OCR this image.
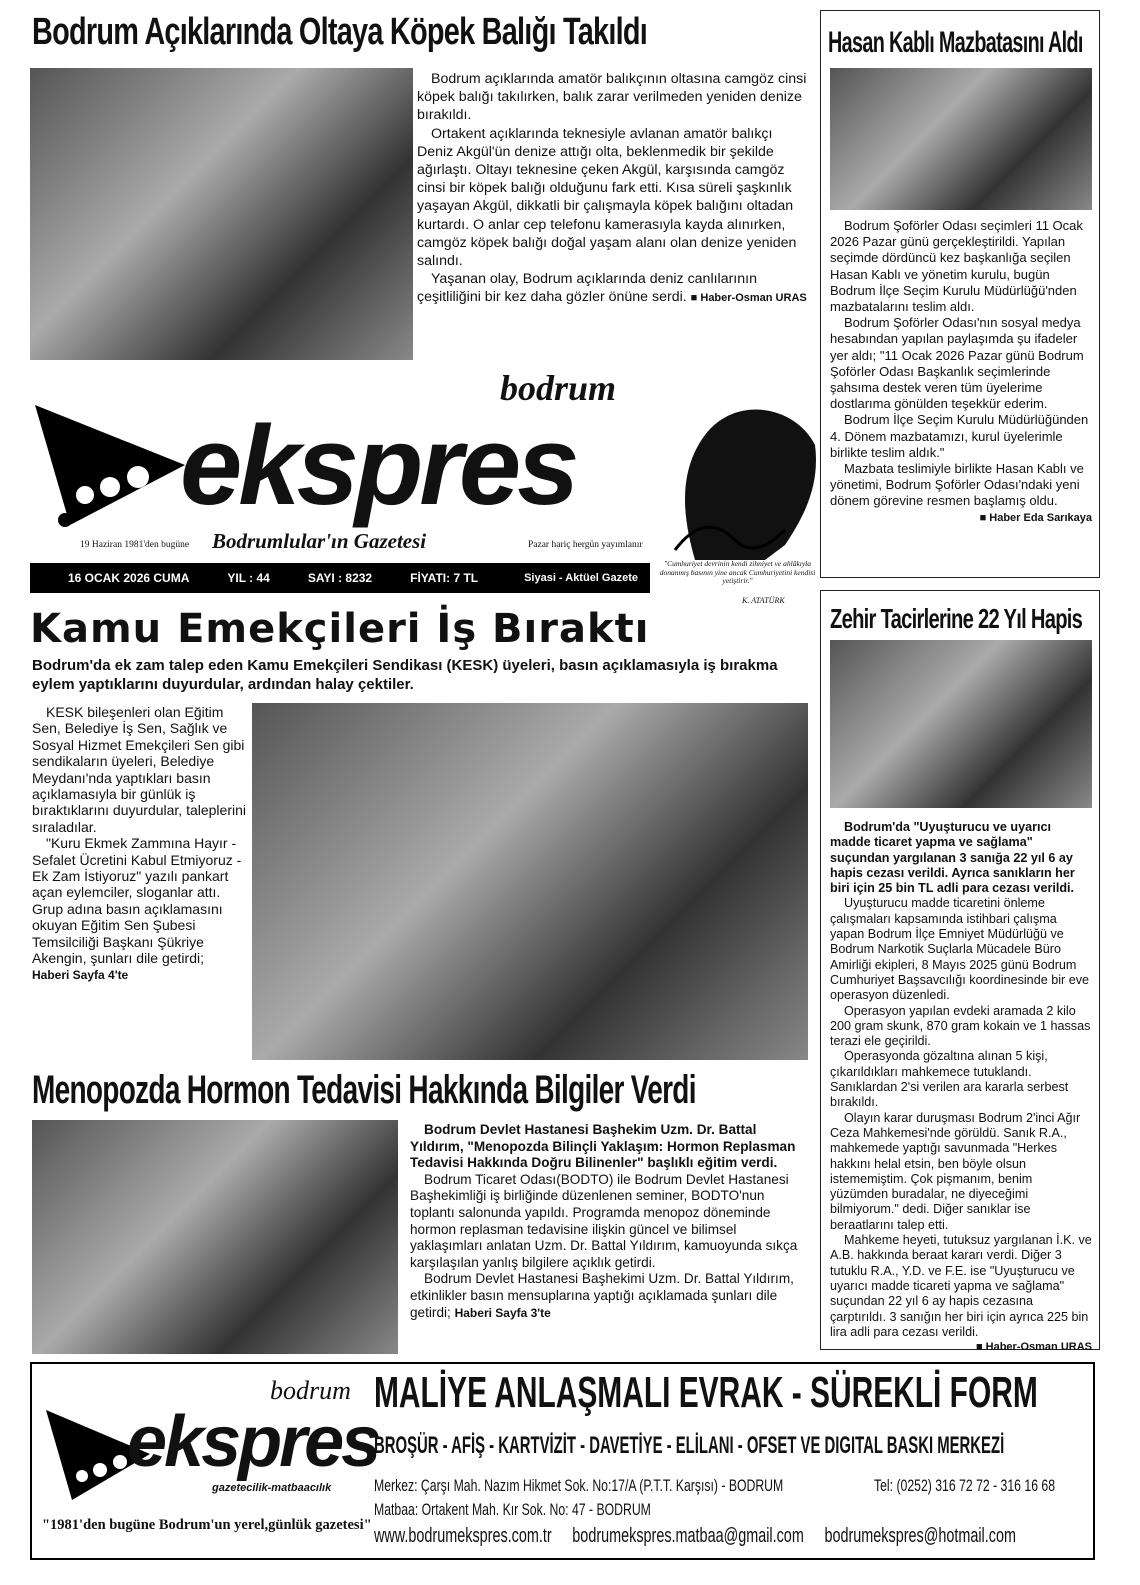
Bodrum Açıklarında Oltaya Köpek Balığı Takıldı

Bodrum açıklarında amatör balıkçının oltasına camgöz cinsi köpek balığı takılırken, balık zarar verilmeden yeniden denize bırakıldı.

Ortakent açıklarında teknesiyle avlanan amatör balıkçı Deniz Akgül'ün denize attığı olta, beklenmedik bir şekilde ağırlaştı. Oltayı teknesine çeken Akgül, karşısında camgöz cinsi bir köpek balığı olduğunu fark etti. Kısa süreli şaşkınlık yaşayan Akgül, dikkatli bir çalışmayla köpek balığını oltadan kurtardı. O anlar cep telefonu kamerasıyla kayda alınırken, camgöz köpek balığı doğal yaşam alanı olan denize yeniden salındı.

Yaşanan olay, Bodrum açıklarında deniz canlılarının çeşitliliğini bir kez daha gözler önüne serdi. ■ Haber-Osman URAS

bodrum
ekspres
19 Haziran 1981'den bugüne Bodrumlular'ın Gazetesi	Pazar hariç hergün yayımlanır
16 OCAK 2026 CUMA	YIL : 44	SAYI : 8232	FİYATI: 7 TL	Siyasi - Aktüel Gazete
"Cumhuriyet devrinin kendi zihniyet ve ahlâkıyla donanmış basının yine ancak Cumhuriyetini kendisi yetiştirir."
K. ATATÜRK
Kamu Emekçileri İş Bıraktı
Bodrum'da ek zam talep eden Kamu Emekçileri Sendikası (KESK) üyeleri, basın açıklamasıyla iş bırakma eylem yaptıklarını duyurdular, ardından halay çektiler.

KESK bileşenleri olan Eğitim Sen, Belediye İş Sen, Sağlık ve Sosyal Hizmet Emekçileri Sen gibi sendikaların üyeleri, Belediye Meydanı'nda yaptıkları basın açıklamasıyla bir günlük iş bıraktıklarını duyurdular, taleplerini sıraladılar.

"Kuru Ekmek Zammına Hayır - Sefalet Ücretini Kabul Etmiyoruz - Ek Zam İstiyoruz" yazılı pankart açan eylemciler, sloganlar attı. Grup adına basın açıklamasını okuyan Eğitim Sen Şubesi Temsilciliği Başkanı Şükriye Akengin, şunları dile getirdi;

Haberi Sayfa 4'te

Menopozda Hormon Tedavisi Hakkında Bilgiler Verdi

Bodrum Devlet Hastanesi Başhekim Uzm. Dr. Battal Yıldırım, "Menopozda Bilinçli Yaklaşım: Hormon Replasman Tedavisi Hakkında Doğru Bilinenler" başlıklı eğitim verdi.

Bodrum Ticaret Odası(BODTO) ile Bodrum Devlet Hastanesi Başhekimliği iş birliğinde düzenlenen seminer, BODTO'nun toplantı salonunda yapıldı. Programda menopoz döneminde hormon replasman tedavisine ilişkin güncel ve bilimsel yaklaşımları anlatan Uzm. Dr. Battal Yıldırım, kamuoyunda sıkça karşılaşılan yanlış bilgilere açıklık getirdi.

Bodrum Devlet Hastanesi Başhekimi Uzm. Dr. Battal Yıldırım, etkinlikler basın mensuplarına yaptığı açıklamada şunları dile getirdi; Haberi Sayfa 3'te

Hasan Kablı Mazbatasını Aldı

Bodrum Şoförler Odası seçimleri 11 Ocak 2026 Pazar günü gerçekleştirildi. Yapılan seçimde dördüncü kez başkanlığa seçilen Hasan Kablı ve yönetim kurulu, bugün Bodrum İlçe Seçim Kurulu Müdürlüğü'nden mazbatalarını teslim aldı.

Bodrum Şoförler Odası'nın sosyal medya hesabından yapılan paylaşımda şu ifadeler yer aldı; "11 Ocak 2026 Pazar günü Bodrum Şoförler Odası Başkanlık seçimlerinde şahsıma destek veren tüm üyelerime dostlarıma gönülden teşekkür ederim.

Bodrum İlçe Seçim Kurulu Müdürlüğünden 4. Dönem mazbatamızı, kurul üyelerimle birlikte teslim aldık."

Mazbata teslimiyle birlikte Hasan Kablı ve yönetimi, Bodrum Şoförler Odası'ndaki yeni dönem görevine resmen başlamış oldu.

■ Haber Eda Sarıkaya

Zehir Tacirlerine 22 Yıl Hapis

Bodrum'da "Uyuşturucu ve uyarıcı madde ticaret yapma ve sağlama" suçundan yargılanan 3 sanığa 22 yıl 6 ay hapis cezası verildi. Ayrıca sanıkların her biri için 25 bin TL adli para cezası verildi.

Uyuşturucu madde ticaretini önleme çalışmaları kapsamında istihbari çalışma yapan Bodrum İlçe Emniyet Müdürlüğü ve Bodrum Narkotik Suçlarla Mücadele Büro Amirliği ekipleri, 8 Mayıs 2025 günü Bodrum Cumhuriyet Başsavcılığı koordinesinde bir eve operasyon düzenledi.

Operasyon yapılan evdeki aramada 2 kilo 200 gram skunk, 870 gram kokain ve 1 hassas terazi ele geçirildi.

Operasyonda gözaltına alınan 5 kişi, çıkarıldıkları mahkemece tutuklandı. Sanıklardan 2'si verilen ara kararla serbest bırakıldı.

Olayın karar duruşması Bodrum 2'inci Ağır Ceza Mahkemesi'nde görüldü. Sanık R.A., mahkemede yaptığı savunmada "Herkes hakkını helal etsin, ben böyle olsun istememiştim. Çok pişmanım, benim yüzümden buradalar, ne diyeceğimi bilmiyorum." dedi. Diğer sanıklar ise beraatlarını talep etti.

Mahkeme heyeti, tutuksuz yargılanan İ.K. ve A.B. hakkında beraat kararı verdi. Diğer 3 tutuklu R.A., Y.D. ve F.E. ise "Uyuşturucu ve uyarıcı madde ticareti yapma ve sağlama" suçundan 22 yıl 6 ay hapis cezasına çarptırıldı. 3 sanığın her biri için ayrıca 225 bin lira adli para cezası verildi.

■ Haber-Osman URAS

bodrum
ekspres
gazetecilik-matbaacılık
"1981'den bugüne Bodrum'un yerel,günlük gazetesi"
MALİYE ANLAŞMALI EVRAK - SÜREKLİ FORM
BROŞÜR - AFİŞ - KARTVİZİT - DAVETİYE - ELİLANI - OFSET VE DIGITAL BASKI MERKEZİ
Merkez: Çarşı Mah. Nazım Hikmet Sok. No:17/A (P.T.T. Karşısı) - BODRUM	Tel: (0252) 316 72 72 - 316 16 68
Matbaa: Ortakent Mah. Kır Sok. No: 47 - BODRUM
www.bodrumekspres.com.tr bodrumekspres.matbaa@gmail.com bodrumekspres@hotmail.com
